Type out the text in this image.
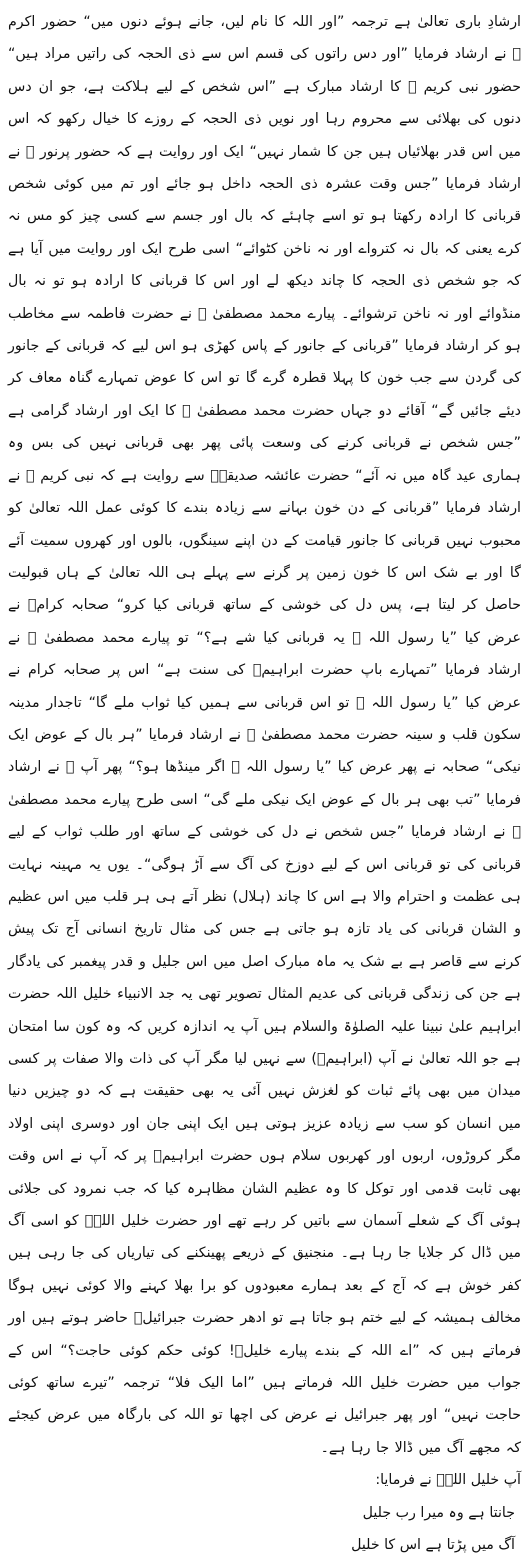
ارشادِ باری تعالیٰ ہے ترجمہ ”اور اللہ کا نام لیں، جانے ہوئے دنوں میں“ حضور اکرم ﷺ نے ارشاد فرمایا ”اور دس راتوں کی قسم اس سے ذی الحجہ کی راتیں مراد ہیں“ حضور نبی کریم ﷺ کا ارشاد مبارک ہے ”اس شخص کے لیے ہلاکت ہے، جو ان دس دنوں کی بھلائی سے محروم رہا اور نویں ذی الحجہ کے روزے کا خیال رکھو کہ اس میں اس قدر بھلائیاں ہیں جن کا شمار نہیں“ ایک اور روایت ہے کہ حضور پرنور ﷺ نے ارشاد فرمایا ”جس وقت عشرہ ذی الحجہ داخل ہو جائے اور تم میں کوئی شخص قربانی کا ارادہ رکھتا ہو تو اسے چاہئے کہ بال اور جسم سے کسی چیز کو مس نہ کرے یعنی کہ بال نہ کترواے اور نہ ناخن کٹوائے“ اسی طرح ایک اور روایت میں آیا ہے کہ جو شخص ذی الحجہ کا چاند دیکھ لے اور اس کا قربانی کا ارادہ ہو تو نہ بال منڈوائے اور نہ ناخن ترشوائے۔ پیارے محمد مصطفیٰ ﷺ نے حضرت فاطمہ سے مخاطب ہو کر ارشاد فرمایا ”قربانی کے جانور کے پاس کھڑی ہو اس لیے کہ قربانی کے جانور کی گردن سے جب خون کا پہلا قطرہ گرے گا تو اس کا عوض تمہارے گناہ معاف کر دیئے جائیں گے“ آقائے دو جہاں حضرت محمد مصطفیٰ ﷺ کا ایک اور ارشاد گرامی ہے ”جس شخص نے قربانی کرنے کی وسعت پائی پھر بھی قربانی نہیں کی بس وہ ہماری عید گاہ میں نہ آئے“ حضرت عائشہ صدیقہؓ سے روایت ہے کہ نبی کریم ﷺ نے ارشاد فرمایا ”قربانی کے دن خون بہانے سے زیادہ بندے کا کوئی عمل اللہ تعالیٰ کو محبوب نہیں قربانی کا جانور قیامت کے دن اپنے سینگوں، بالوں اور کھروں سمیت آئے گا اور بے شک اس کا خون زمین پر گرنے سے پہلے ہی اللہ تعالیٰ کے ہاں قبولیت حاصل کر لیتا ہے، پس دل کی خوشی کے ساتھ قربانی کیا کرو“ صحابہ کرامؓ نے عرض کیا ”یا رسول اللہ ﷺ یہ قربانی کیا شے ہے؟“ تو پیارے محمد مصطفیٰ ﷺ نے ارشاد فرمایا ”تمہارے باپ حضرت ابراہیمؑ کی سنت ہے“ اس پر صحابہ کرام نے عرض کیا ”یا رسول اللہ ﷺ تو اس قربانی سے ہمیں کیا ثواب ملے گا“ تاجدار مدینہ سکون قلب و سینہ حضرت محمد مصطفیٰ ﷺ نے ارشاد فرمایا ”ہر بال کے عوض ایک نیکی“ صحابہ نے پھر عرض کیا ”یا رسول اللہ ﷺ اگر مینڈھا ہو؟“ پھر آپ ﷺ نے ارشاد فرمایا ”تب بھی ہر بال کے عوض ایک نیکی ملے گی“ اسی طرح پیارے محمد مصطفیٰ ﷺ نے ارشاد فرمایا ”جس شخص نے دل کی خوشی کے ساتھ اور طلب ثواب کے لیے قربانی کی تو قربانی اس کے لیے دوزخ کی آگ سے آڑ ہوگی“۔ یوں یہ مہینہ نہایت ہی عظمت و احترام والا ہے اس کا چاند (ہلال) نظر آتے ہی ہر قلب میں اس عظیم و الشان قربانی کی یاد تازہ ہو جاتی ہے جس کی مثال تاریخ انسانی آج تک پیش کرنے سے قاصر ہے بے شک یہ ماہ مبارک اصل میں اس جلیل و قدر پیغمبر کی یادگار ہے جن کی زندگی قربانی کی عدیم المثال تصویر تھی یہ جد الانبیاء خلیل اللہ حضرت ابراہیم علیٰ نبینا علیہ الصلوٰۃ والسلام ہیں آپ یہ اندازہ کریں کہ وہ کون سا امتحان ہے جو اللہ تعالیٰ نے آپ (ابراہیمؑ) سے نہیں لیا مگر آپ کی ذات والا صفات پر کسی میدان میں بھی پائے ثبات کو لغزش نہیں آئی یہ بھی حقیقت ہے کہ دو چیزیں دنیا میں انسان کو سب سے زیادہ عزیز ہوتی ہیں ایک اپنی جان اور دوسری اپنی اولاد مگر کروڑوں، اربوں اور کھربوں سلام ہوں حضرت ابراہیمؑ پر کہ آپ نے اس وقت بھی ثابت قدمی اور توکل کا وہ عظیم الشان مظاہرہ کیا کہ جب نمرود کی جلائی ہوئی آگ کے شعلے آسمان سے باتیں کر رہے تھے اور حضرت خلیل اللہؑ کو اسی آگ میں ڈال کر جلایا جا رہا ہے۔ منجنیق کے ذریعے پھینکنے کی تیاریاں کی جا رہی ہیں کفر خوش ہے کہ آج کے بعد ہمارے معبودوں کو برا بھلا کہنے والا کوئی نہیں ہوگا مخالف ہمیشہ کے لیے ختم ہو جاتا ہے تو ادھر حضرت جبرائیلؑ حاضر ہوتے ہیں اور فرماتے ہیں کہ ”اے اللہ کے بندے پیارے خلیلؑ! کوئی حکم کوئی حاجت؟“ اس کے جواب میں حضرت خلیل اللہ فرماتے ہیں ”اما الیک فلا“ ترجمہ ”تیرے ساتھ کوئی حاجت نہیں“ اور پھر جبرائیل نے عرض کی اچھا تو اللہ کی بارگاہ میں عرض کیجئے کہ مجھے آگ میں ڈالا جا رہا ہے۔

آپ خلیل اللہؑ نے فرمایا:

جانتا ہے وہ میرا رب جلیل

آگ میں پڑتا ہے اس کا خلیل
